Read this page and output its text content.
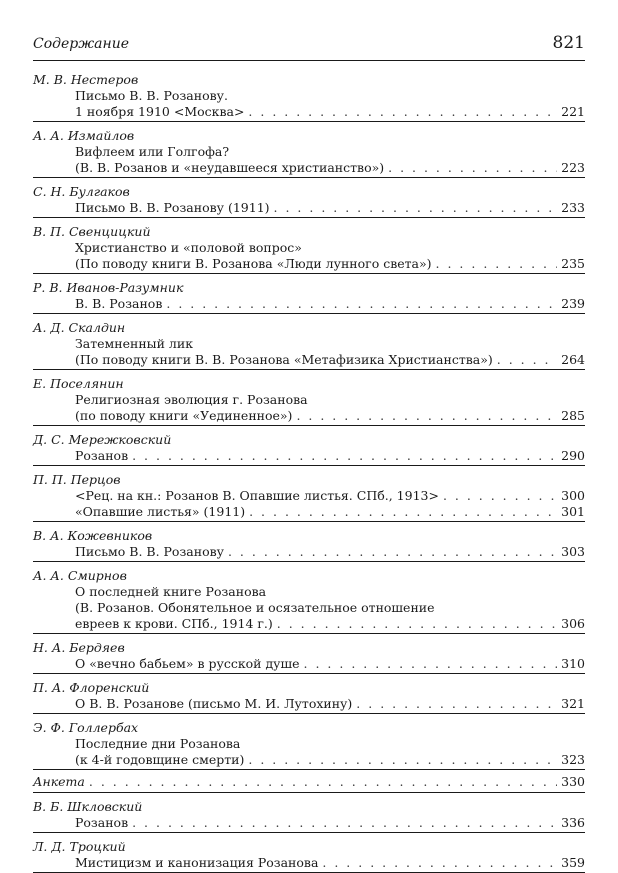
Содержание	821
М. В. Нестеров
Письмо В. В. Розанову.
1 ноября 1910 <Москва> . . .	221
А. А. Измайлов
Вифлеем или Голгофа?
(В. В. Розанов и «неудавшееся христианство») . . .	223
С. Н. Булгаков
Письмо В. В. Розанову (1911) . . .	233
В. П. Свенцицкий
Христианство и «половой вопрос»
(По поводу книги В. Розанова «Люди лунного света») . . .	235
Р. В. Иванов-Разумник
В. В. Розанов . . .	239
А. Д. Скалдин
Затемненный лик
(По поводу книги В. В. Розанова «Метафизика Христианства») . . .	264
Е. Поселянин
Религиозная эволюция г. Розанова
(по поводу книги «Уединенное») . . .	285
Д. С. Мережковский
Розанов . . .	290
П. П. Перцов
<Рец. на кн.: Розанов В. Опавшие листья. СПб., 1913> . . .	300
«Опавшие листья» (1911) . . .	301
В. А. Кожевников
Письмо В. В. Розанову . . .	303
А. А. Смирнов
О последней книге Розанова
(В. Розанов. Обонятельное и осязательное отношение
евреев к крови. СПб., 1914 г.) . . .	306
Н. А. Бердяев
О «вечно бабьем» в русской душе . . .	310
П. А. Флоренский
О В. В. Розанове (письмо М. И. Лутохину) . . .	321
Э. Ф. Голлербах
Последние дни Розанова
(к 4-й годовщине смерти) . . .	323
Анкета . . .	330
В. Б. Шкловский
Розанов . . .	336
Л. Д. Троцкий
Мистицизм и канонизация Розанова . . .	359
